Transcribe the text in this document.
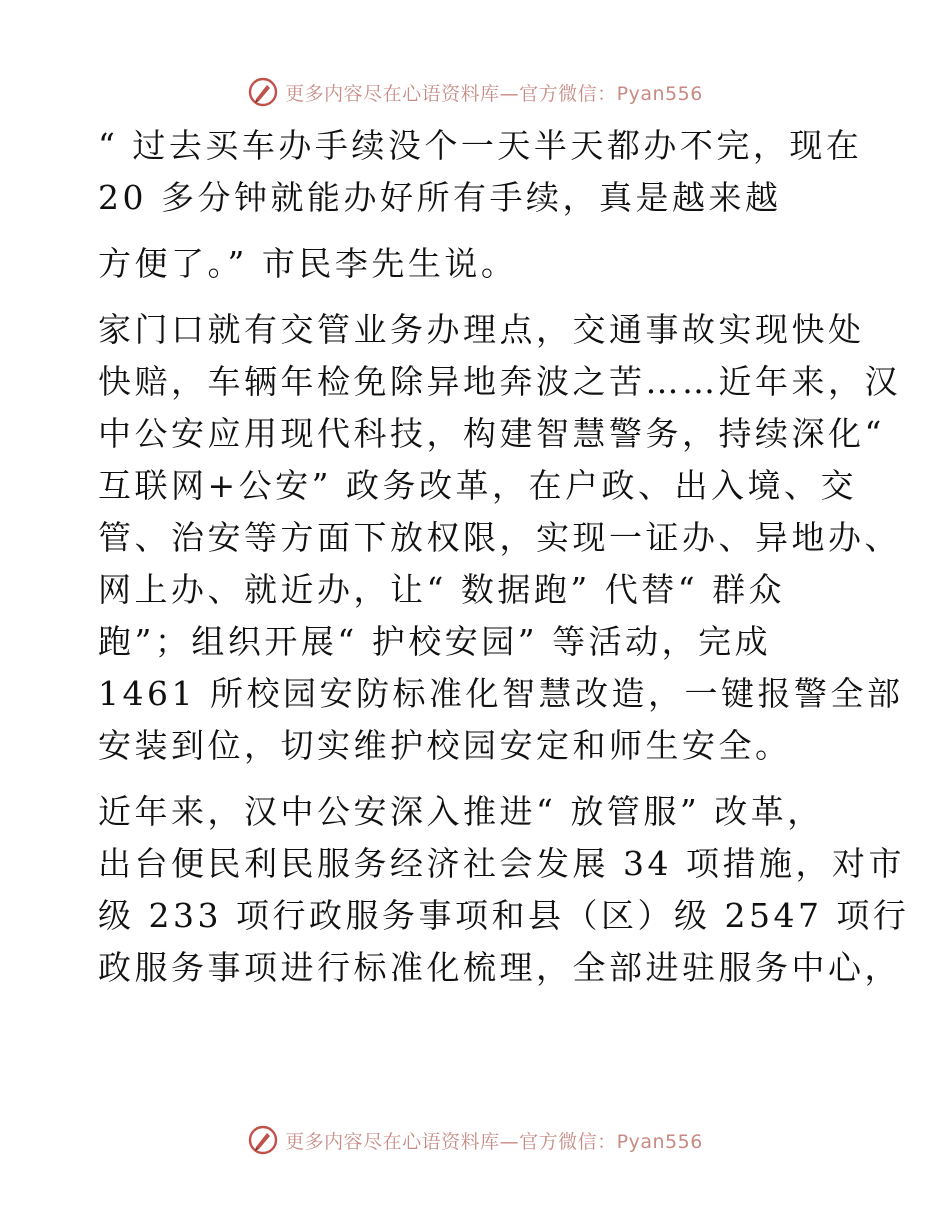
更多内容尽在心语资料库—官方微信：Pyan556
“ 过去买车办手续没个一天半天都办不完，现在
20 多分钟就能办好所有手续，真是越来越
方便了。” 市民李先生说。
家门口就有交管业务办理点，交通事故实现快处
快赔，车辆年检免除异地奔波之苦……近年来，汉
中公安应用现代科技，构建智慧警务，持续深化“
互联网+公安” 政务改革，在户政、出入境、交
管、治安等方面下放权限，实现一证办、异地办、
网上办、就近办，让“ 数据跑” 代替“ 群众
跑”；组织开展“ 护校安园” 等活动，完成
1461 所校园安防标准化智慧改造，一键报警全部
安装到位，切实维护校园安定和师生安全。
近年来，汉中公安深入推进“ 放管服” 改革，
出台便民利民服务经济社会发展 34 项措施，对市
级 233 项行政服务事项和县（区）级 2547 项行
政服务事项进行标准化梳理，全部进驻服务中心，
更多内容尽在心语资料库—官方微信：Pyan556
